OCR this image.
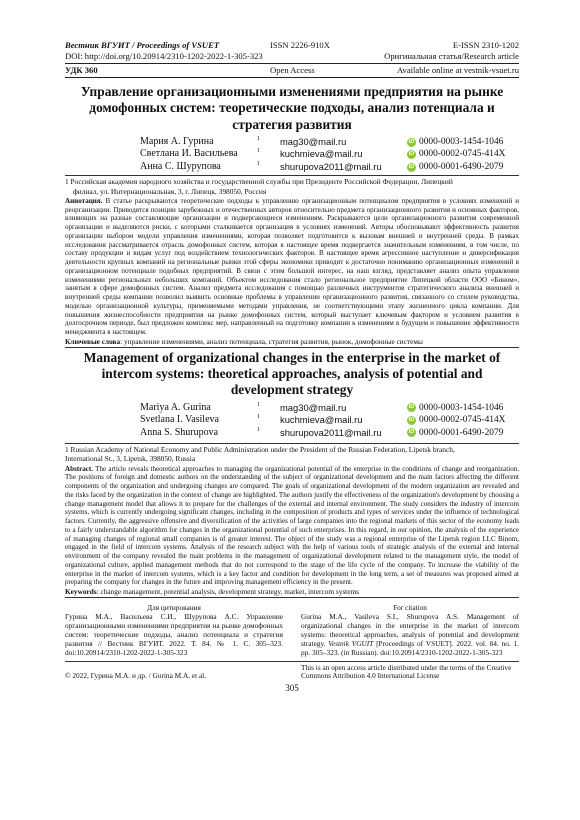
Вестник ВГУИТ / Proceedings of VSUET	ISSN 2226-910X	E-ISSN 2310-1202
DOI: http://doi.org/10.20914/2310-1202-2022-1-305-323	Оригинальная статья/Research article
УДК 360	Open Access	Available online at vestnik-vsuet.ru
Управление организационными изменениями предприятия на рынке домофонных систем: теоретические подходы, анализ потенциала и стратегия развития
Мария А. Гурина	1	mag30@mail.ru	iD 0000-0003-1454-1046
Светлана И. Васильева	1	kuchmieva@mail.ru	iD 0000-0002-0745-414X
Анна С. Шурупова	1	shurupova2011@mail.ru	iD 0000-0001-6490-2079
1 Российская академия народного хозяйства и государственной службы при Президенте Российской Федерации, Липецкий
филиал, ул. Интернациональная, 3, г. Липецк, 398050, Россия
Аннотация. В статье раскрываются теоретические подходы к управлению организационным потенциалом предприятия в условиях изменений и реорганизации. Приводятся позиции зарубежных и отечественных авторов относительно предмета организационного развития и основных факторов, влияющих на разные составляющие организации и подвергающиеся изменениям. Раскрываются цели организационного развития современной организации и выделяются риски, с которыми сталкивается организация в условиях изменений. Авторы обосновывают эффективность развития организации выбором модели управления изменениями, которая позволяет подготовится к вызовам внешней и внутренней среды. В рамках исследования рассматривается отрасль домофонных систем, которая в настоящее время подвергается значительным изменениям, в том числе, по составу продукции и видам услуг под воздействием технологических факторов. В настоящее время агрессивное наступление и диверсификация деятельности крупных компаний на региональные рынки этой сферы экономики приводит к достаточно пониманию организационных изменений в организационном потенциале подобных предприятий. В связи с этим большой интерес, на наш взгляд, представляет анализ опыта управления изменениями региональных небольших компаний. Объектом исследования стало региональное предприятие Липецкой области ООО «Бином», занятым в сфере домофонных систем. Анализ предмета исследования с помощью различных инструментов стратегического анализа внешней и внутренней среды компании позволил выявить основные проблемы в управлении организационного развития, связанного со стилем руководства, моделью организационной культуры, применяемыми методами управления, не соответствующими этапу жизненного цикла компании. Для повышения жизнеспособности предприятия на рынке домофонных систем, который выступает ключевым фактором и условием развития в долгосрочном периоде, был предложен комплекс мер, направленный на подготовку компании к изменениям в будущем и повышение эффективности менеджмента в настоящем.
Ключевые слова: управление изменениями, анализ потенциала, стратегия развития, рынок, домофонные системы
Management of organizational changes in the enterprise in the market of intercom systems: theoretical approaches, analysis of potential and development strategy
Mariya A. Gurina	1	mag30@mail.ru	iD 0000-0003-1454-1046
Svetlana I. Vasileva	1	kuchmieva@mail.ru	iD 0000-0002-0745-414X
Anna S. Shurupova	1	shurupova2011@mail.ru	iD 0000-0001-6490-2079
1 Russian Academy of National Economy and Public Administration under the President of the Russian Federation, Lipetsk branch,
International St., 3, Lipetsk, 398050, Russia
Abstract. The article reveals theoretical approaches to managing the organizational potential of the enterprise in the conditions of change and reorganization. The positions of foreign and domestic authors on the understanding of the subject of organizational development and the main factors affecting the different components of the organization and undergoing changes are compared. The goals of organizational development of the modern organization are revealed and the risks faced by the organization in the context of change are highlighted. The authors justify the effectiveness of the organization's development by choosing a change management model that allows it to prepare for the challenges of the external and internal environment. The study considers the industry of intercom systems, which is currently undergoing significant changes, including in the composition of products and types of services under the influence of technological factors. Currently, the aggressive offensive and diversification of the activities of large companies into the regional markets of this sector of the economy leads to a fairly understandable algorithm for changes in the organizational potential of such enterprises. In this regard, in our opinion, the analysis of the experience of managing changes of regional small companies is of greater interest. The object of the study was a regional enterprise of the Lipetsk region LLC Binom, engaged in the field of intercom systems. Analysis of the research subject with the help of various tools of strategic analysis of the external and internal environment of the company revealed the main problems in the management of organizational development related to the management style, the model of organizational culture, applied management methods that do not correspond to the stage of the life cycle of the company. To increase the viability of the enterprise in the market of intercom systems, which is a key factor and condition for development in the long term, a set of measures was proposed aimed at preparing the company for changes in the future and improving management efficiency in the present.
Keywords: change management, potential analysis, development strategy, market, intercom systems
Для цитирования
Гурина М.А., Васильева С.И., Шурупова А.С. Управление организационными изменениями предприятия на рынке домофонных систем: теоретические подходы, анализ потенциала и стратегия развития // Вестник ВГУИТ. 2022. Т. 84. № 1. С. 305–323. doi:10.20914/2310-1202-2022-1-305-323
For citation
Gurina M.A., Vasileva S.I., Shurupova A.S. Management of organizational changes in the enterprise in the market of intercom systems: theoretical approaches, analysis of potential and development strategy. Vestnik VGUIT [Proceedings of VSUET]. 2022. vol. 84. no. 1. pp. 305–323. (in Russian). doi:10.20914/2310-1202-2022-1-305-323
© 2022, Гурина М.А. и др. / Gurina M.A. et al.
This is an open access article distributed under the terms of the Creative Commons Attribution 4.0 International License
305
